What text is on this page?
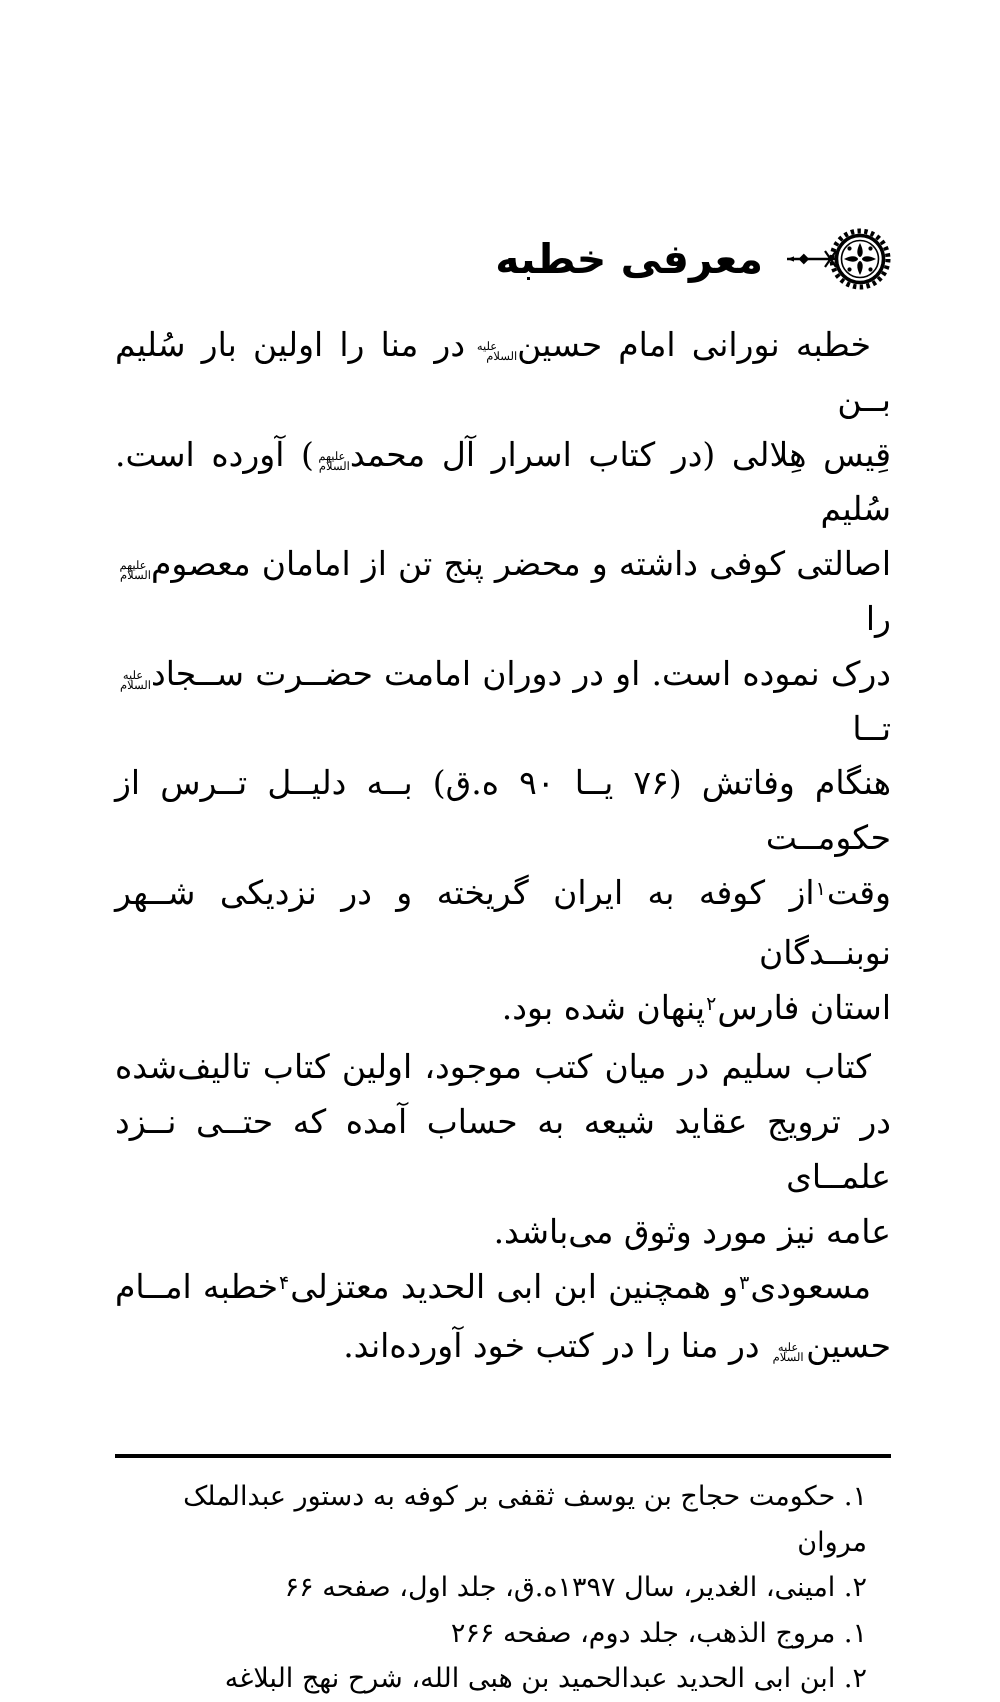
معرفی خطبه
خطبه نورانی امام حسینعلیه السلام در منا را اولین بار سُلیم بــن
قِیس هِلالی (در کتاب اسرار آل محمدعلیهم السلام) آورده است. سُلیم
اصالتی کوفی داشته و محضر پنج تن از امامان معصومعلیهم السلام را
درک نموده است. او در دوران امامت حضــرت ســجادعلیه السلام تــا
هنگام وفاتش (۷۶ یــا ۹۰ ه.ق) بــه دلیــل تــرس از حکومــت
وقت$^۱$از کوفه به ایران گریخته و در نزدیکی شــهر نوبنــدگان
استان فارس$^۲$پنهان شده بود.
کتاب سلیم در میان کتب موجود، اولین کتاب تالیف‌شده
در ترویج عقاید شیعه به حساب آمده که حتــی نــزد علمــای
عامه نیز مورد وثوق می‌باشد.
مسعودی$^۳$و همچنین ابن ابی الحدید معتزلی$^۴$خطبه امــام
حسینعلیه السلام در منا را در کتب خود آورده‌اند.
۱. حکومت حجاج بن یوسف ثقفی بر کوفه به دستور عبدالملک مروان
۲. امینی، الغدیر، سال ۱۳۹۷ه.ق، جلد اول، صفحه ۶۶
۱. مروج الذهب، جلد دوم، صفحه ۲۶۶
۲. ابن ابی الحدید عبدالحمید بن هبی الله، شرح نهج البلاغه
